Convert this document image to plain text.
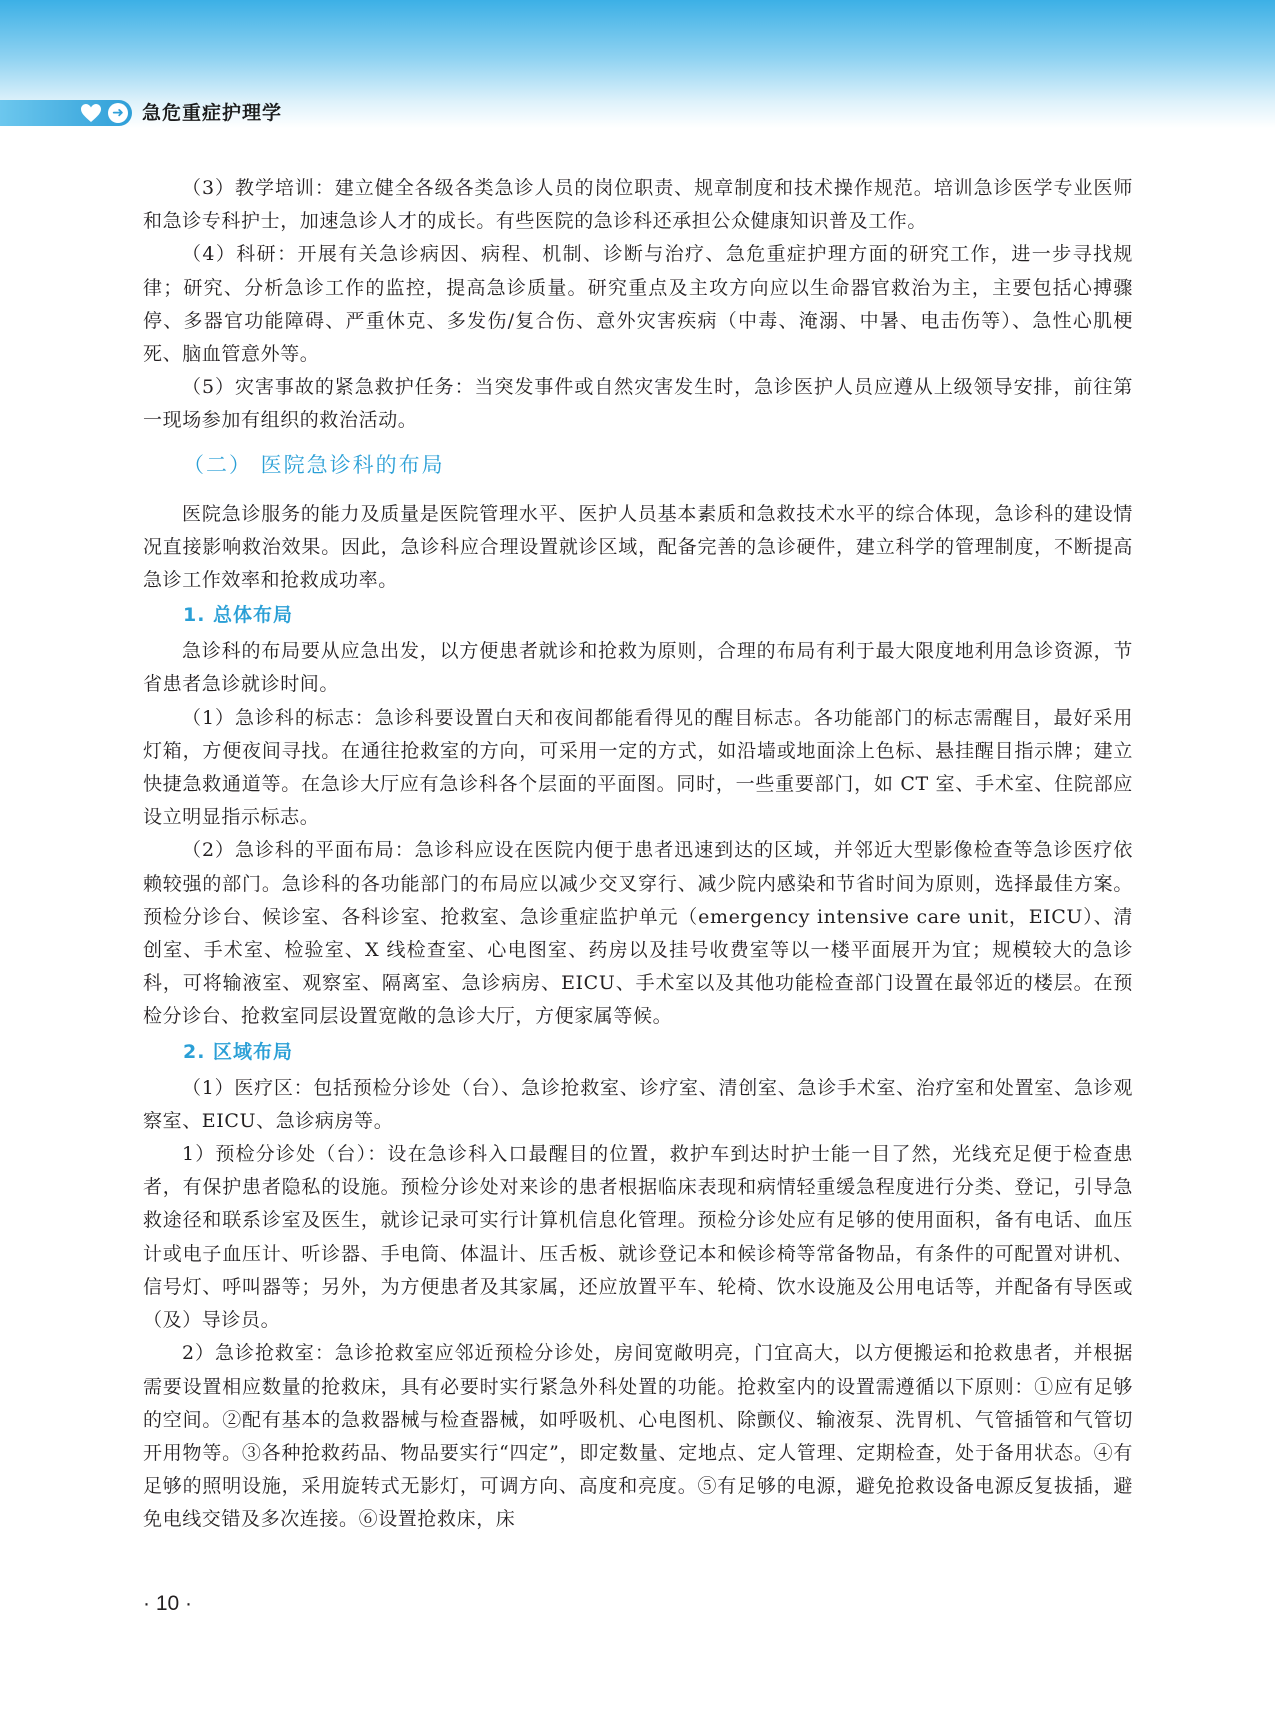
➜ 急危重症护理学

（3）教学培训：建立健全各级各类急诊人员的岗位职责、规章制度和技术操作规范。培训急诊医学专业医师和急诊专科护士，加速急诊人才的成长。有些医院的急诊科还承担公众健康知识普及工作。

（4）科研：开展有关急诊病因、病程、机制、诊断与治疗、急危重症护理方面的研究工作，进一步寻找规律；研究、分析急诊工作的监控，提高急诊质量。研究重点及主攻方向应以生命器官救治为主，主要包括心搏骤停、多器官功能障碍、严重休克、多发伤/复合伤、意外灾害疾病（中毒、淹溺、中暑、电击伤等）、急性心肌梗死、脑血管意外等。

（5）灾害事故的紧急救护任务：当突发事件或自然灾害发生时，急诊医护人员应遵从上级领导安排，前往第一现场参加有组织的救治活动。

（二） 医院急诊科的布局

医院急诊服务的能力及质量是医院管理水平、医护人员基本素质和急救技术水平的综合体现，急诊科的建设情况直接影响救治效果。因此，急诊科应合理设置就诊区域，配备完善的急诊硬件，建立科学的管理制度，不断提高急诊工作效率和抢救成功率。

1. 总体布局

急诊科的布局要从应急出发，以方便患者就诊和抢救为原则，合理的布局有利于最大限度地利用急诊资源，节省患者急诊就诊时间。

（1）急诊科的标志：急诊科要设置白天和夜间都能看得见的醒目标志。各功能部门的标志需醒目，最好采用灯箱，方便夜间寻找。在通往抢救室的方向，可采用一定的方式，如沿墙或地面涂上色标、悬挂醒目指示牌；建立快捷急救通道等。在急诊大厅应有急诊科各个层面的平面图。同时，一些重要部门，如 CT 室、手术室、住院部应设立明显指示标志。

（2）急诊科的平面布局：急诊科应设在医院内便于患者迅速到达的区域，并邻近大型影像检查等急诊医疗依赖较强的部门。急诊科的各功能部门的布局应以减少交叉穿行、减少院内感染和节省时间为原则，选择最佳方案。预检分诊台、候诊室、各科诊室、抢救室、急诊重症监护单元（emergency intensive care unit，EICU）、清创室、手术室、检验室、X 线检查室、心电图室、药房以及挂号收费室等以一楼平面展开为宜；规模较大的急诊科，可将输液室、观察室、隔离室、急诊病房、EICU、手术室以及其他功能检查部门设置在最邻近的楼层。在预检分诊台、抢救室同层设置宽敞的急诊大厅，方便家属等候。

2. 区域布局

（1）医疗区：包括预检分诊处（台）、急诊抢救室、诊疗室、清创室、急诊手术室、治疗室和处置室、急诊观察室、EICU、急诊病房等。

1）预检分诊处（台）：设在急诊科入口最醒目的位置，救护车到达时护士能一目了然，光线充足便于检查患者，有保护患者隐私的设施。预检分诊处对来诊的患者根据临床表现和病情轻重缓急程度进行分类、登记，引导急救途径和联系诊室及医生，就诊记录可实行计算机信息化管理。预检分诊处应有足够的使用面积，备有电话、血压计或电子血压计、听诊器、手电筒、体温计、压舌板、就诊登记本和候诊椅等常备物品，有条件的可配置对讲机、信号灯、呼叫器等；另外，为方便患者及其家属，还应放置平车、轮椅、饮水设施及公用电话等，并配备有导医或（及）导诊员。

2）急诊抢救室：急诊抢救室应邻近预检分诊处，房间宽敞明亮，门宜高大，以方便搬运和抢救患者，并根据需要设置相应数量的抢救床，具有必要时实行紧急外科处置的功能。抢救室内的设置需遵循以下原则：①应有足够的空间。②配有基本的急救器械与检查器械，如呼吸机、心电图机、除颤仪、输液泵、洗胃机、气管插管和气管切开用物等。③各种抢救药品、物品要实行“四定”，即定数量、定地点、定人管理、定期检查，处于备用状态。④有足够的照明设施，采用旋转式无影灯，可调方向、高度和亮度。⑤有足够的电源，避免抢救设备电源反复拔插，避免电线交错及多次连接。⑥设置抢救床，床

· 10 ·
